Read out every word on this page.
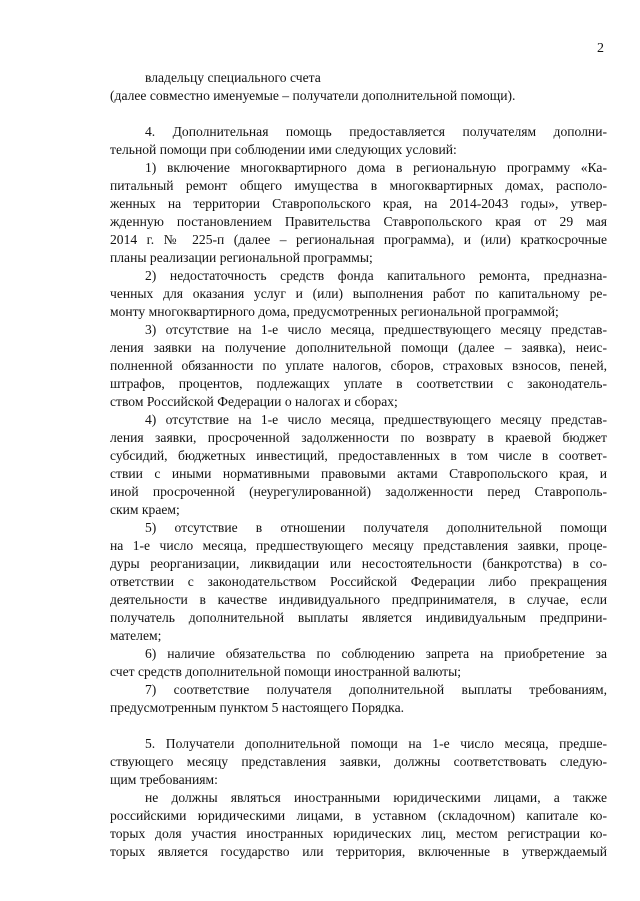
2
владельцу специального счета
(далее совместно именуемые – получатели дополнительной помощи).
4. Дополнительная помощь предоставляется получателям дополни-
тельной помощи при соблюдении ими следующих условий:
1) включение многоквартирного дома в региональную программу «Ка-
питальный ремонт общего имущества в многоквартирных домах, располо-
женных на территории Ставропольского края, на 2014-2043 годы», утвер-
жденную постановлением Правительства Ставропольского края от 29 мая
2014 г. № 225-п (далее – региональная программа), и (или) краткосрочные
планы реализации региональной программы;
2) недостаточность средств фонда капитального ремонта, предназна-
ченных для оказания услуг и (или) выполнения работ по капитальному ре-
монту многоквартирного дома, предусмотренных региональной программой;
3) отсутствие на 1-е число месяца, предшествующего месяцу представ-
ления заявки на получение дополнительной помощи (далее – заявка), неис-
полненной обязанности по уплате налогов, сборов, страховых взносов, пеней,
штрафов, процентов, подлежащих уплате в соответствии с законодатель-
ством Российской Федерации о налогах и сборах;
4) отсутствие на 1-е число месяца, предшествующего месяцу представ-
ления заявки, просроченной задолженности по возврату в краевой бюджет
субсидий, бюджетных инвестиций, предоставленных в том числе в соответ-
ствии с иными нормативными правовыми актами Ставропольского края, и
иной просроченной (неурегулированной) задолженности перед Ставрополь-
ским краем;
5) отсутствие в отношении получателя дополнительной помощи
на 1-е число месяца, предшествующего месяцу представления заявки, проце-
дуры реорганизации, ликвидации или несостоятельности (банкротства) в со-
ответствии с законодательством Российской Федерации либо прекращения
деятельности в качестве индивидуального предпринимателя, в случае, если
получатель дополнительной выплаты является индивидуальным предприни-
мателем;
6) наличие обязательства по соблюдению запрета на приобретение за
счет средств дополнительной помощи иностранной валюты;
7) соответствие получателя дополнительной выплаты требованиям,
предусмотренным пунктом 5 настоящего Порядка.
5. Получатели дополнительной помощи на 1-е число месяца, предше-
ствующего месяцу представления заявки, должны соответствовать следую-
щим требованиям:
не должны являться иностранными юридическими лицами, а также
российскими юридическими лицами, в уставном (складочном) капитале ко-
торых доля участия иностранных юридических лиц, местом регистрации ко-
торых является государство или территория, включенные в утверждаемый
